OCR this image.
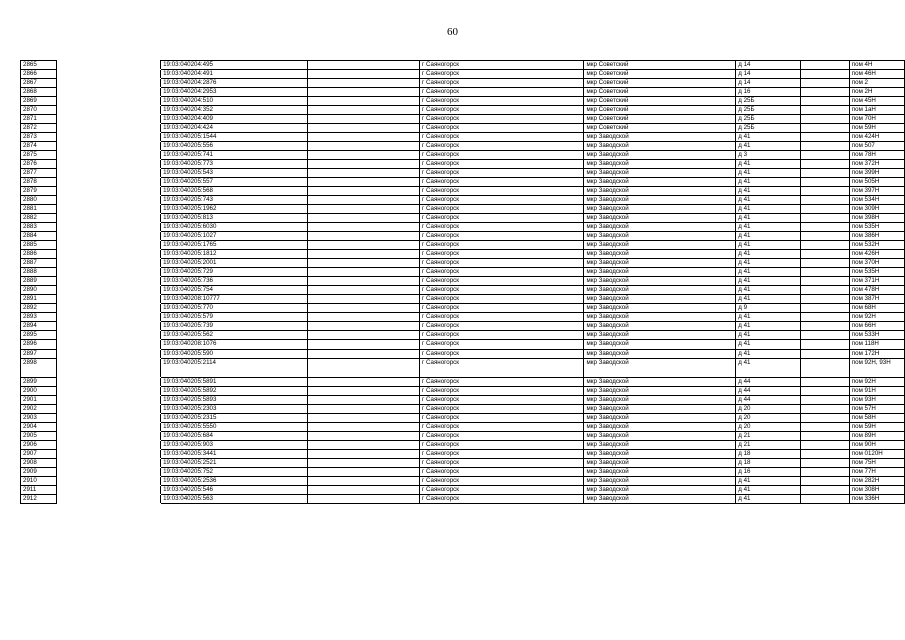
60
2865		19:03:040204:495		г Саяногорск	мкр Советский	д 14		пом 4Н
2866		19:03:040204:491		г Саяногорск	мкр Советский	д 14		пом 46Н
2867		19:03:040204:2876		г Саяногорск	мкр Советский	д 14		пом 2
2868		19:03:040204:2953		г Саяногорск	мкр Советский	д 16		пом 2Н
2869		19:03:040204:510		г Саяногорск	мкр Советский	д 25Б		пом 45Н
2870		19:03:040204:352		г Саяногорск	мкр Советский	д 25Б		пом 1аН
2871		19:03:040204:409		г Саяногорск	мкр Советский	д 25Б		пом 70Н
2872		19:03:040204:424		г Саяногорск	мкр Советский	д 25Б		пом 59Н
2873		19:03:040205:1544		г Саяногорск	мкр Заводской	д 41		пом 424Н
2874		19:03:040205:556		г Саяногорск	мкр Заводской	д 41		пом 507
2875		19:03:040205:741		г Саяногорск	мкр Заводской	д 3		пом 78Н
2876		19:03:040205:773		г Саяногорск	мкр Заводской	д 41		пом 372Н
2877		19:03:040205:543		г Саяногорск	мкр Заводской	д 41		пом 399Н
2878		19:03:040205:557		г Саяногорск	мкр Заводской	д 41		пом 505Н
2879		19:03:040205:568		г Саяногорск	мкр Заводской	д 41		пом 397Н
2880		19:03:040205:743		г Саяногорск	мкр Заводской	д 41		пом 534Н
2881		19:03:040205:1962		г Саяногорск	мкр Заводской	д 41		пом 309Н
2882		19:03:040205:813		г Саяногорск	мкр Заводской	д 41		пом 398Н
2883		19:03:040205:6030		г Саяногорск	мкр Заводской	д 41		пом 535Н
2884		19:03:040205:1027		г Саяногорск	мкр Заводской	д 41		пом 386Н
2885		19:03:040205:1765		г Саяногорск	мкр Заводской	д 41		пом 532Н
2886		19:03:040205:1812		г Саяногорск	мкр Заводской	д 41		пом 426Н
2887		19:03:040205:2001		г Саяногорск	мкр Заводской	д 41		пом 370Н
2888		19:03:040205:729		г Саяногорск	мкр Заводской	д 41		пом 535Н
2889		19:03:040205:736		г Саяногорск	мкр Заводской	д 41		пом 371Н
2890		19:03:040205:754		г Саяногорск	мкр Заводской	д 41		пом 478Н
2891		19:03:040208:10777		г Саяногорск	мкр Заводской	д 41		пом 387Н
2892		19:03:040205:770		г Саяногорск	мкр Заводской	д 9		пом 68Н
2893		19:03:040205:579		г Саяногорск	мкр Заводской	д 41		пом 92Н
2894		19:03:040205:739		г Саяногорск	мкр Заводской	д 41		пом 66Н
2895		19:03:040205:562		г Саяногорск	мкр Заводской	д 41		пом 533Н
2896		19:03:040208:1076		г Саяногорск	мкр Заводской	д 41		пом 118Н
2897		19:03:040205:590		г Саяногорск	мкр Заводской	д 41		пом 172Н
2898		19:03:040205:2114		г Саяногорск	мкр Заводской	д 41		пом 92Н, 93Н
2899		19:03:040205:5891		г Саяногорск	мкр Заводской	д 44		пом 92Н
2900		19:03:040205:5892		г Саяногорск	мкр Заводской	д 44		пом 91Н
2901		19:03:040205:5893		г Саяногорск	мкр Заводской	д 44		пом 93Н
2902		19:03:040205:2303		г Саяногорск	мкр Заводской	д 20		пом 57Н
2903		19:03:040205:2315		г Саяногорск	мкр Заводской	д 20		пом 58Н
2904		19:03:040205:5550		г Саяногорск	мкр Заводской	д 20		пом 59Н
2905		19:03:040205:684		г Саяногорск	мкр Заводской	д 21		пом 89Н
2906		19:03:040205:903		г Саяногорск	мкр Заводской	д 21		пом 90Н
2907		19:03:040205:3441		г Саяногорск	мкр Заводской	д 18		пом 0120Н
2908		19:03:040205:2521		г Саяногорск	мкр Заводской	д 18		пом 75Н
2909		19:03:040205:752		г Саяногорск	мкр Заводской	д 16		пом 77Н
2910		19:03:040205:2536		г Саяногорск	мкр Заводской	д 41		пом 282Н
2911		19:03:040205:546		г Саяногорск	мкр Заводской	д 41		пом 308Н
2912		19:03:040205:563		г Саяногорск	мкр Заводской	д 41		пом 336Н
